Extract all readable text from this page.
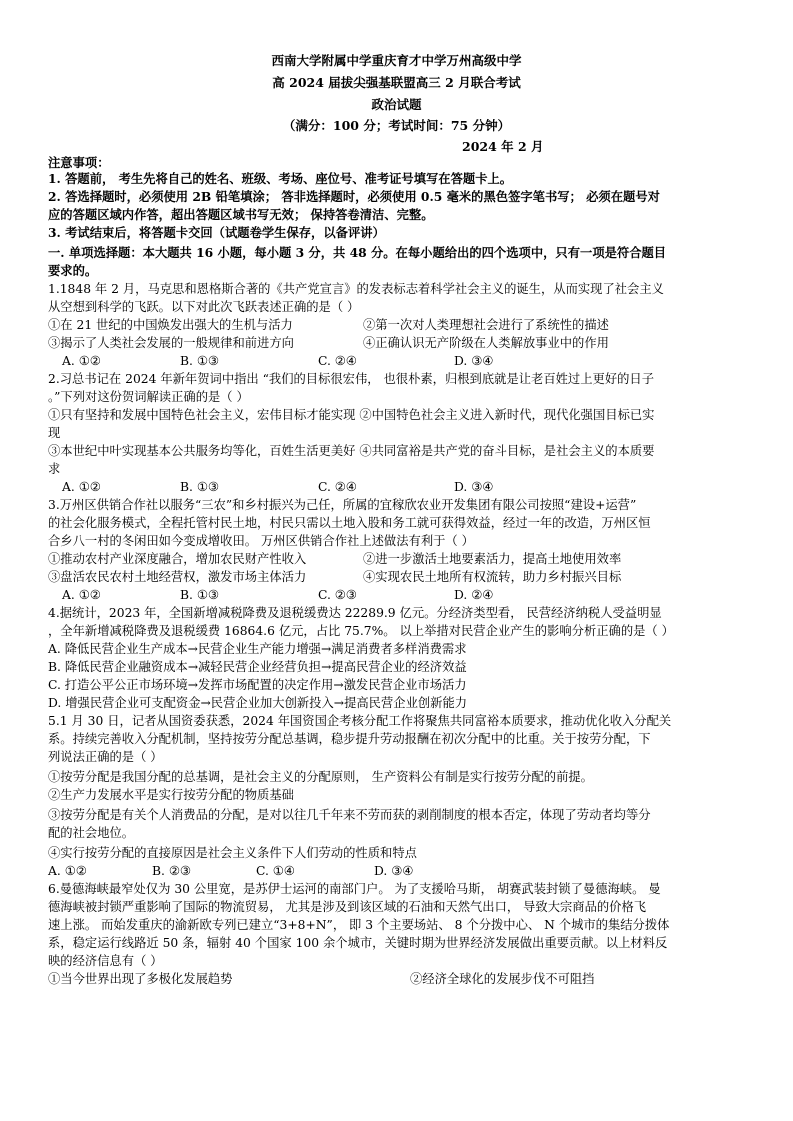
西南大学附属中学重庆育才中学万州高级中学
高 2024 届拔尖强基联盟高三 2 月联合考试
政治试题
（满分：100 分；考试时间：75 分钟）
2024 年 2 月
注意事项：
1. 答题前， 考生先将自己的姓名、班级、考场、座位号、准考证号填写在答题卡上。
2. 答选择题时，必须使用 2B 铅笔填涂； 答非选择题时，必须使用 0.5 毫米的黑色签字笔书写； 必须在题号对
应的答题区域内作答，超出答题区域书写无效； 保持答卷清洁、完整。
3. 考试结束后，将答题卡交回（试题卷学生保存，以备评讲）
一. 单项选择题：本大题共 16 小题，每小题 3 分，共 48 分。在每小题给出的四个选项中，只有一项是符合题目
要求的。
1.1848 年 2 月，马克思和恩格斯合著的《共产党宣言》的发表标志着科学社会主义的诞生，从而实现了社会主义
从空想到科学的飞跃。以下对此次飞跃表述正确的是（ ）
①在 21 世纪的中国焕发出强大的生机与活力	②第一次对人类理想社会进行了系统性的描述
③揭示了人类社会发展的一般规律和前进方向	④正确认识无产阶级在人类解放事业中的作用
A. ①②	B. ①③	C. ②④	D. ③④
2.习总书记在 2024 年新年贺词中指出 “我们的目标很宏伟， 也很朴素，归根到底就是让老百姓过上更好的日子
。”下列对这份贺词解读正确的是（ ）
①只有坚持和发展中国特色社会主义，宏伟目标才能实现 ②中国特色社会主义进入新时代，现代化强国目标已实
现
③本世纪中叶实现基本公共服务均等化，百姓生活更美好 ④共同富裕是共产党的奋斗目标，是社会主义的本质要
求
A. ①②	B. ①③	C. ②④	D. ③④
3.万州区供销合作社以服务“三农”和乡村振兴为己任，所属的宜稼欣农业开发集团有限公司按照“建设+运营”
的社会化服务模式，全程托管村民土地，村民只需以土地入股和务工就可获得效益，经过一年的改造，万州区恒
合乡八一村的冬闲田如今变成增收田。 万州区供销合作社上述做法有利于（ ）
①推动农村产业深度融合，增加农民财产性收入	②进一步激活土地要素活力，提高土地使用效率
③盘活农民农村土地经营权，激发市场主体活力	④实现农民土地所有权流转，助力乡村振兴目标
A. ①②	B. ①③	C. ②③	D. ②④
4.据统计，2023 年，全国新增减税降费及退税缓费达 22289.9 亿元。分经济类型看， 民营经济纳税人受益明显
，全年新增减税降费及退税缓费 16864.6 亿元，占比 75.7%。 以上举措对民营企业产生的影响分析正确的是（ ）
A. 降低民营企业生产成本→民营企业生产能力增强→满足消费者多样消费需求
B. 降低民营企业融资成本→减轻民营企业经营负担→提高民营企业的经济效益
C. 打造公平公正市场环境→发挥市场配置的决定作用→激发民营企业市场活力
D. 增强民营企业可支配资金→民营企业加大创新投入→提高民营企业创新能力
5.1 月 30 日，记者从国资委获悉，2024 年国资国企考核分配工作将聚焦共同富裕本质要求，推动优化收入分配关
系。持续完善收入分配机制，坚持按劳分配总基调，稳步提升劳动报酬在初次分配中的比重。关于按劳分配，下
列说法正确的是（ ）
①按劳分配是我国分配的总基调，是社会主义的分配原则， 生产资料公有制是实行按劳分配的前提。
②生产力发展水平是实行按劳分配的物质基础
③按劳分配是有关个人消费品的分配，是对以往几千年来不劳而获的剥削制度的根本否定，体现了劳动者均等分
配的社会地位。
④实行按劳分配的直接原因是社会主义条件下人们劳动的性质和特点
A. ①②	B. ②③	C. ①④	D. ③④
6.曼德海峡最窄处仅为 30 公里宽，是苏伊士运河的南部门户。 为了支援哈马斯， 胡赛武装封锁了曼德海峡。 曼
德海峡被封锁严重影响了国际的物流贸易， 尤其是涉及到该区域的石油和天然气出口， 导致大宗商品的价格飞
速上涨。 而始发重庆的渝新欧专列已建立“3+8+N”， 即 3 个主要场站、 8 个分拨中心、 N 个城市的集结分拨体
系，稳定运行线路近 50 条，辐射 40 个国家 100 余个城市，关键时期为世界经济发展做出重要贡献。以上材料反
映的经济信息有（ ）
①当今世界出现了多极化发展趋势	②经济全球化的发展步伐不可阻挡
